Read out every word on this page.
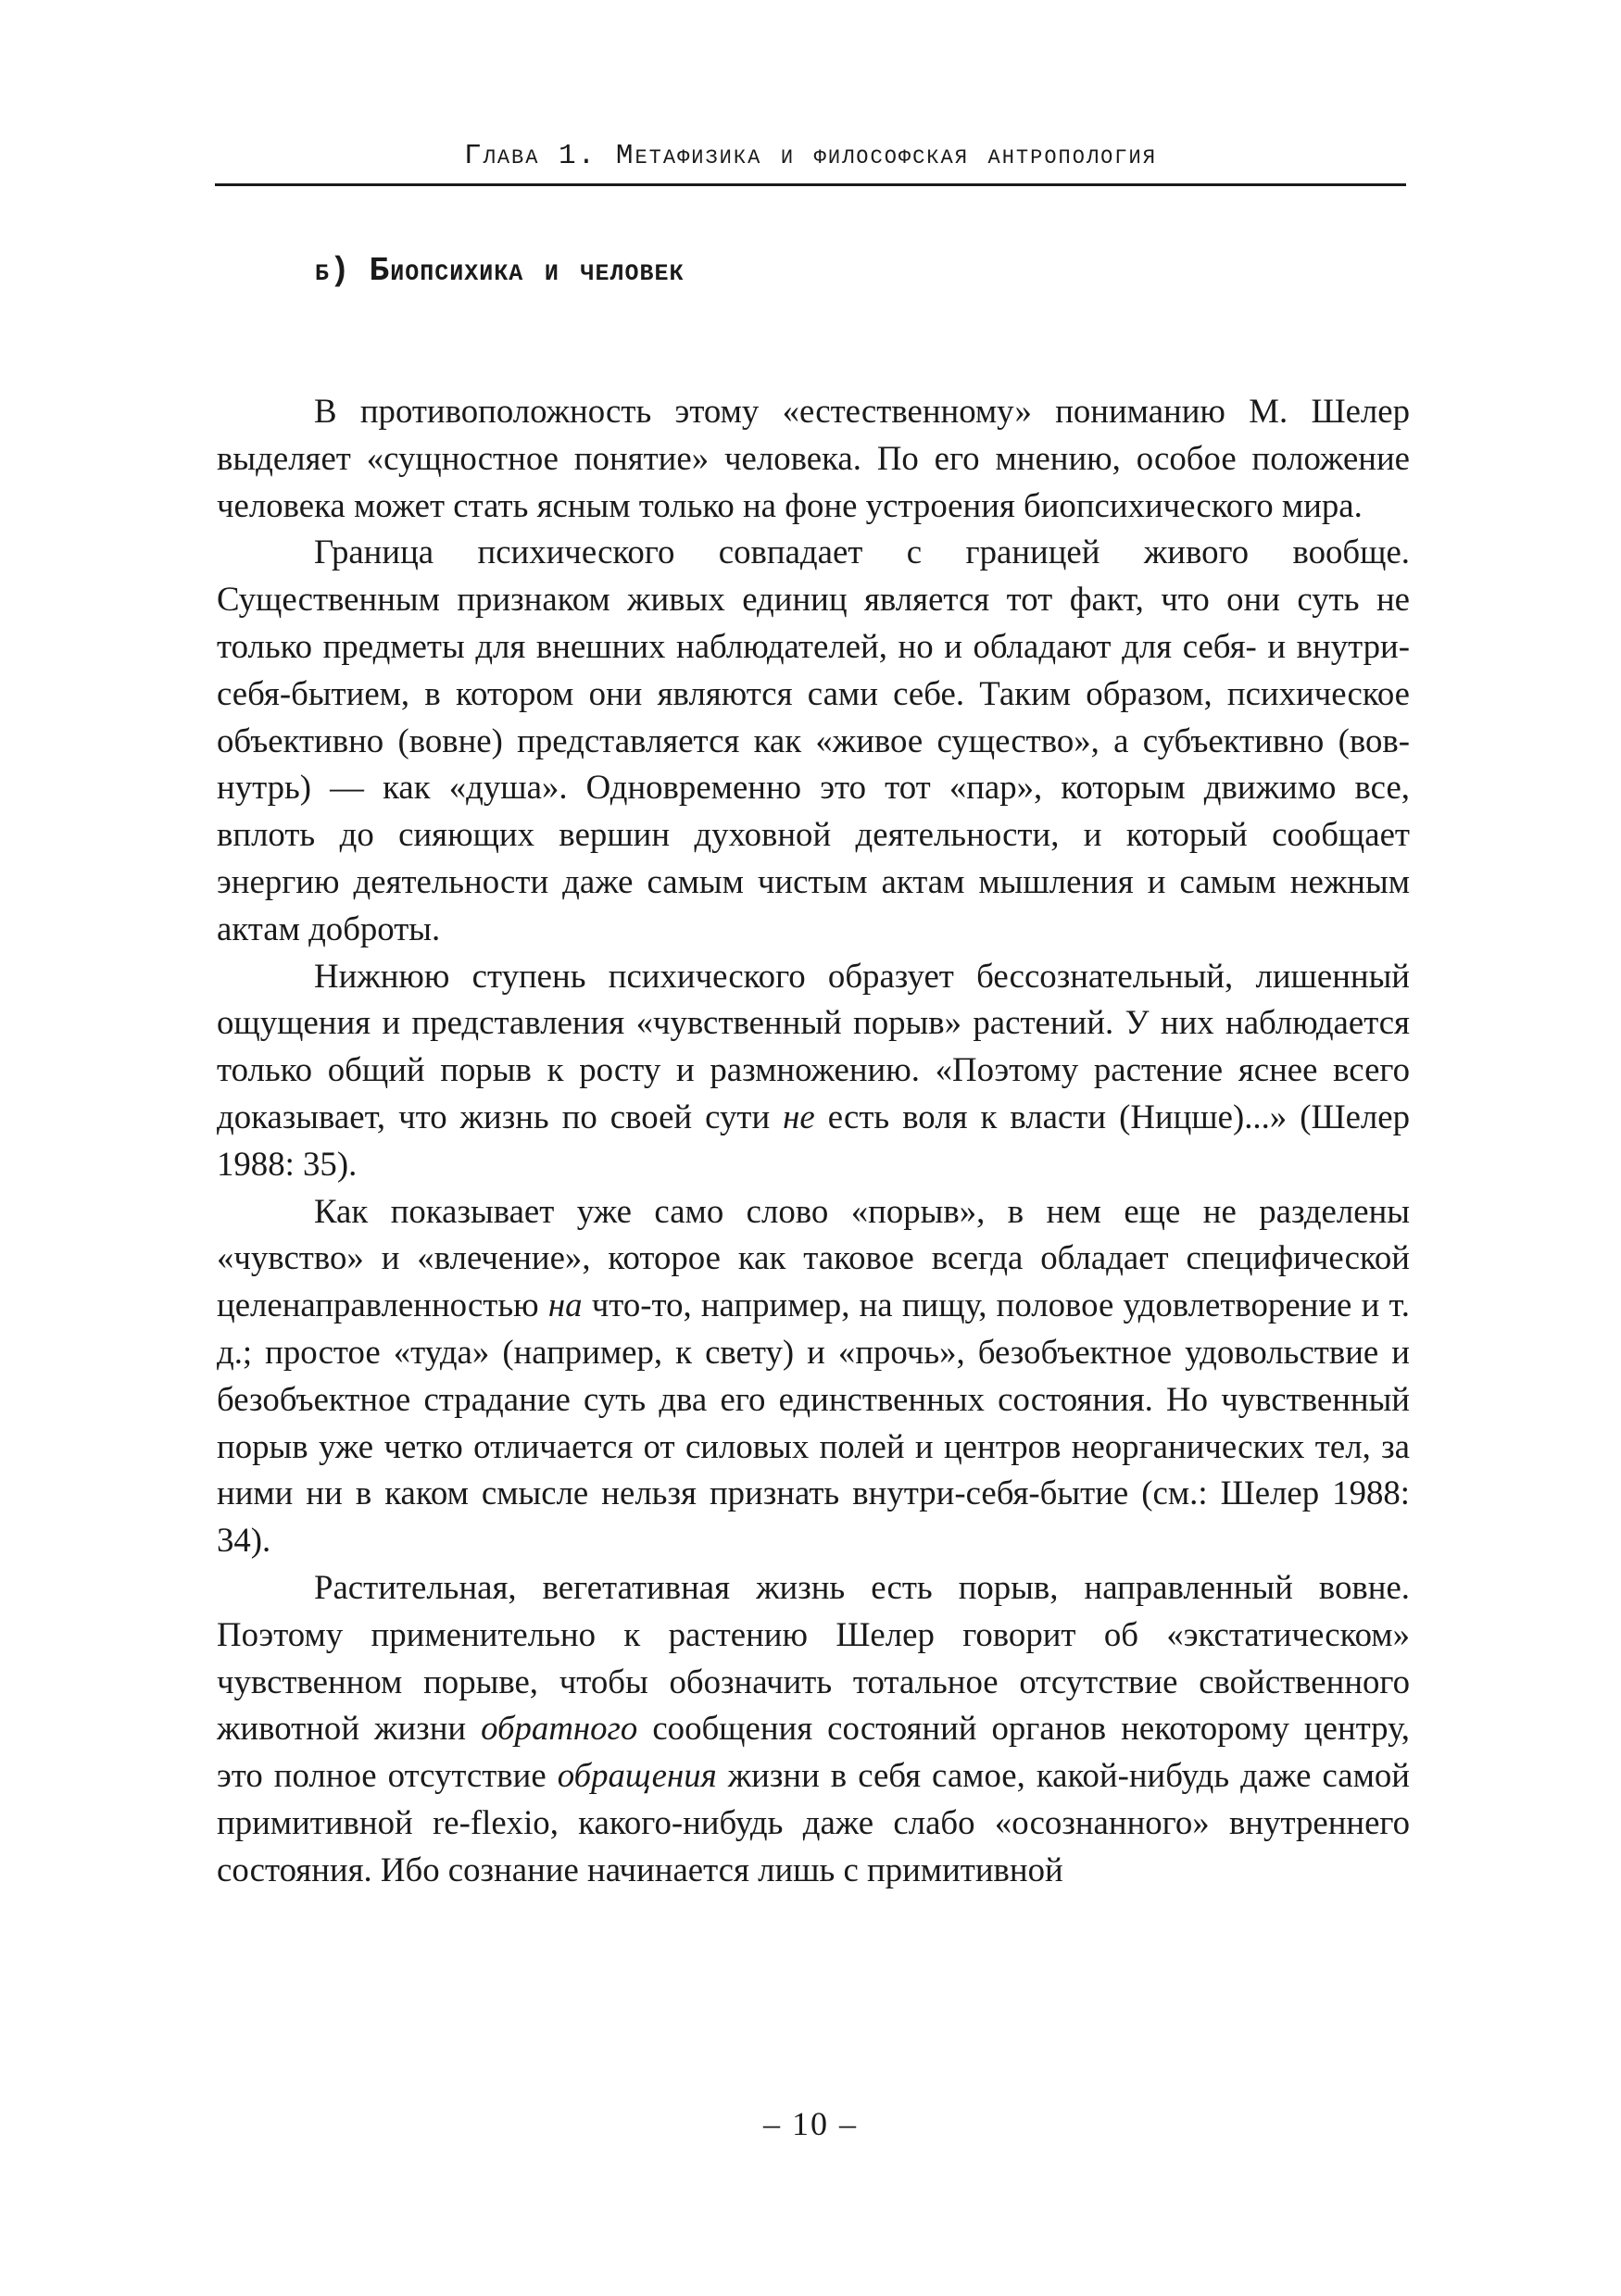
Глава 1. Метафизика и философская антропология
б) Биопсихика и человек

В противоположность этому «естественному» пониманию М. Шелер выделяет «сущностное понятие» человека. По его мнению, особое положение человека может стать ясным только на фоне устроения биопсихического мира.

Граница психического совпадает с границей живого вообще. Существенным признаком живых единиц является тот факт, что они суть не только предметы для внешних наблюдателей, но и обладают для себя- и внутри-себя-бытием, в котором они являются сами себе. Таким образом, психическое объективно (вовне) представляется как «живое существо», а субъективно (вовнутрь) — как «душа». Одновременно это тот «пар», которым движимо все, вплоть до сияющих вершин духовной деятельности, и который сообщает энергию деятельности даже самым чистым актам мышления и самым нежным актам доброты.

Нижнюю ступень психического образует бессознательный, лишенный ощущения и представления «чувственный порыв» растений. У них наблюдается только общий порыв к росту и размножению. «Поэтому растение яснее всего доказывает, что жизнь по своей сути не есть воля к власти (Ницше)...» (Шелер 1988: 35).

Как показывает уже само слово «порыв», в нем еще не разделены «чувство» и «влечение», которое как таковое всегда обладает специфической целенаправленностью на что-то, например, на пищу, половое удовлетворение и т. д.; простое «туда» (например, к свету) и «прочь», безобъектное удовольствие и безобъектное страдание суть два его единственных состояния. Но чувственный порыв уже четко отличается от силовых полей и центров неорганических тел, за ними ни в каком смысле нельзя признать внутри-себя-бытие (см.: Шелер 1988: 34).

Растительная, вегетативная жизнь есть порыв, направленный вовне. Поэтому применительно к растению Шелер говорит об «экстатическом» чувственном порыве, чтобы обозначить тотальное отсутствие свойственного животной жизни обратного сообщения состояний органов некоторому центру, это полное отсутствие обращения жизни в себя самое, какой-нибудь даже самой примитивной re-flexio, какого-нибудь даже слабо «осознанного» внутреннего состояния. Ибо сознание начинается лишь с примитивной

– 10 –
